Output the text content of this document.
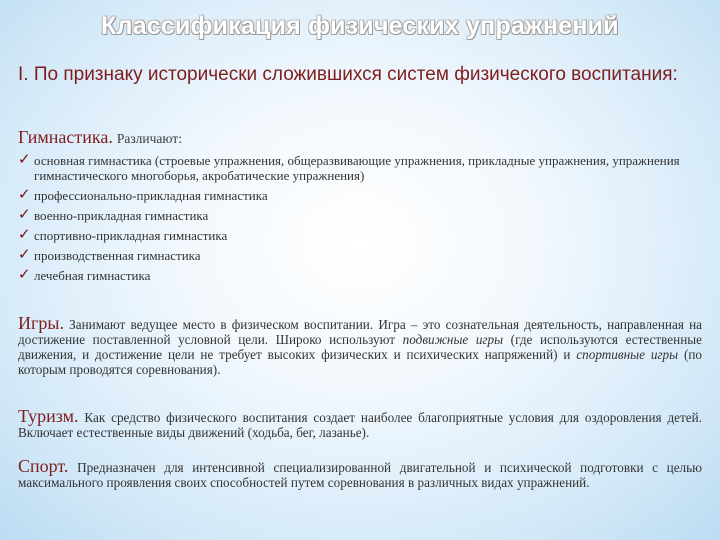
Классификация физических упражнений
I. По признаку исторически сложившихся систем физического воспитания:
Гимнастика. Различают:
✓ основная гимнастика (строевые упражнения, общеразвивающие упражнения, прикладные упражнения, упражнения гимнастического многоборья, акробатические упражнения)
✓ профессионально-прикладная гимнастика
✓ военно-прикладная гимнастика
✓ спортивно-прикладная гимнастика
✓ производственная гимнастика
✓ лечебная гимнастика
Игры. Занимают ведущее место в физическом воспитании. Игра – это сознательная деятельность, направленная на достижение поставленной условной цели. Широко используют подвижные игры (где используются естественные движения, и достижение цели не требует высоких физических и психических напряжений) и спортивные игры (по которым проводятся соревнования).
Туризм. Как средство физического воспитания создает наиболее благоприятные условия для оздоровления детей. Включает естественные виды движений (ходьба, бег, лазанье).
Спорт. Предназначен для интенсивной специализированной двигательной и психической подготовки с целью максимального проявления своих способностей путем соревнования в различных видах упражнений.
